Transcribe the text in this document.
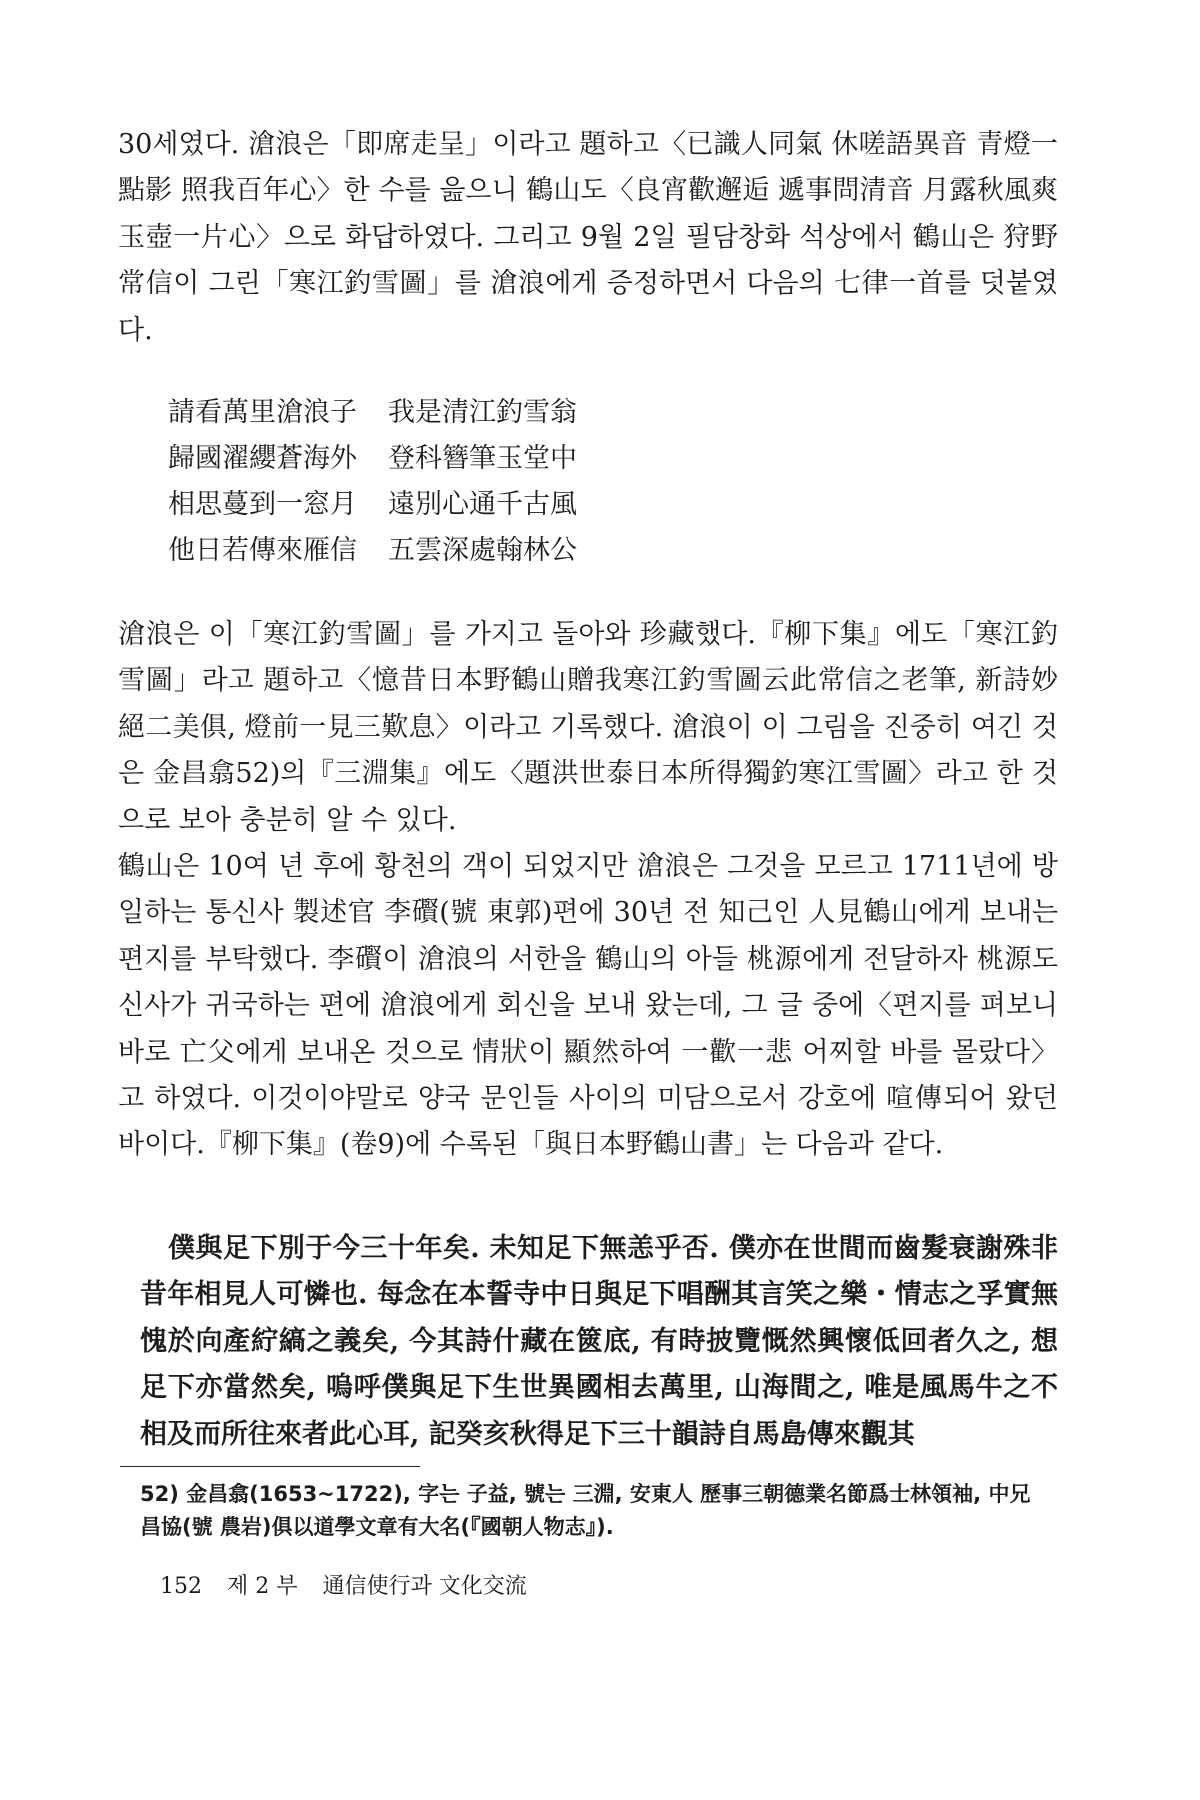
30세였다. 滄浪은「即席走呈」이라고 題하고〈已識人同氣 休嗟語異音 青燈一點影 照我百年心〉한 수를 읊으니 鶴山도〈良宵歡邂逅 遞事問清音 月露秋風爽 玉壺一片心〉으로 화답하였다. 그리고 9월 2일 필담창화 석상에서 鶴山은 狩野常信이 그린「寒江釣雪圖」를 滄浪에게 증정하면서 다음의 七律一首를 덧붙였다.

請看萬里滄浪子 我是清江釣雪翁
歸國濯纓蒼海外 登科簪筆玉堂中
相思蔓到一窓月 遠別心通千古風
他日若傳來雁信 五雲深處翰林公

滄浪은 이「寒江釣雪圖」를 가지고 돌아와 珍藏했다.『柳下集』에도「寒江釣雪圖」라고 題하고〈憶昔日本野鶴山贈我寒江釣雪圖云此常信之老筆, 新詩妙絕二美俱, 燈前一見三歎息〉이라고 기록했다. 滄浪이 이 그림을 진중히 여긴 것은 金昌翕52)의『三淵集』에도〈題洪世泰日本所得獨釣寒江雪圖〉라고 한 것으로 보아 충분히 알 수 있다.

鶴山은 10여 년 후에 황천의 객이 되었지만 滄浪은 그것을 모르고 1711년에 방일하는 통신사 製述官 李礥(號 東郭)편에 30년 전 知己인 人見鶴山에게 보내는 편지를 부탁했다. 李礥이 滄浪의 서한을 鶴山의 아들 桃源에게 전달하자 桃源도 신사가 귀국하는 편에 滄浪에게 회신을 보내 왔는데, 그 글 중에〈편지를 펴보니 바로 亡父에게 보내온 것으로 情狀이 顯然하여 一歡一悲 어찌할 바를 몰랐다〉고 하였다. 이것이야말로 양국 문인들 사이의 미담으로서 강호에 喧傳되어 왔던 바이다.『柳下集』(卷9)에 수록된「與日本野鶴山書」는 다음과 같다.

僕與足下別于今三十年矣. 未知足下無恙乎否. 僕亦在世間而齒髮衰謝殊非昔年相見人可憐也. 每念在本誓寺中日與足下唱酬其言笑之樂・情志之孚實無愧於向產紵縞之義矣, 今其詩什藏在篋底, 有時披覽慨然興懷低回者久之, 想足下亦當然矣, 嗚呼僕與足下生世異國相去萬里, 山海間之, 唯是風馬牛之不相及而所往來者此心耳, 記癸亥秋得足下三十韻詩自馬島傳來觀其
52) 金昌翕(1653~1722), 字는 子益, 號는 三淵, 安東人 歷事三朝德業名節爲士林領袖, 中兄 昌協(號 農岩)俱以道學文章有大名(『國朝人物志』).
152 제 2 부 通信使行과 文化交流
